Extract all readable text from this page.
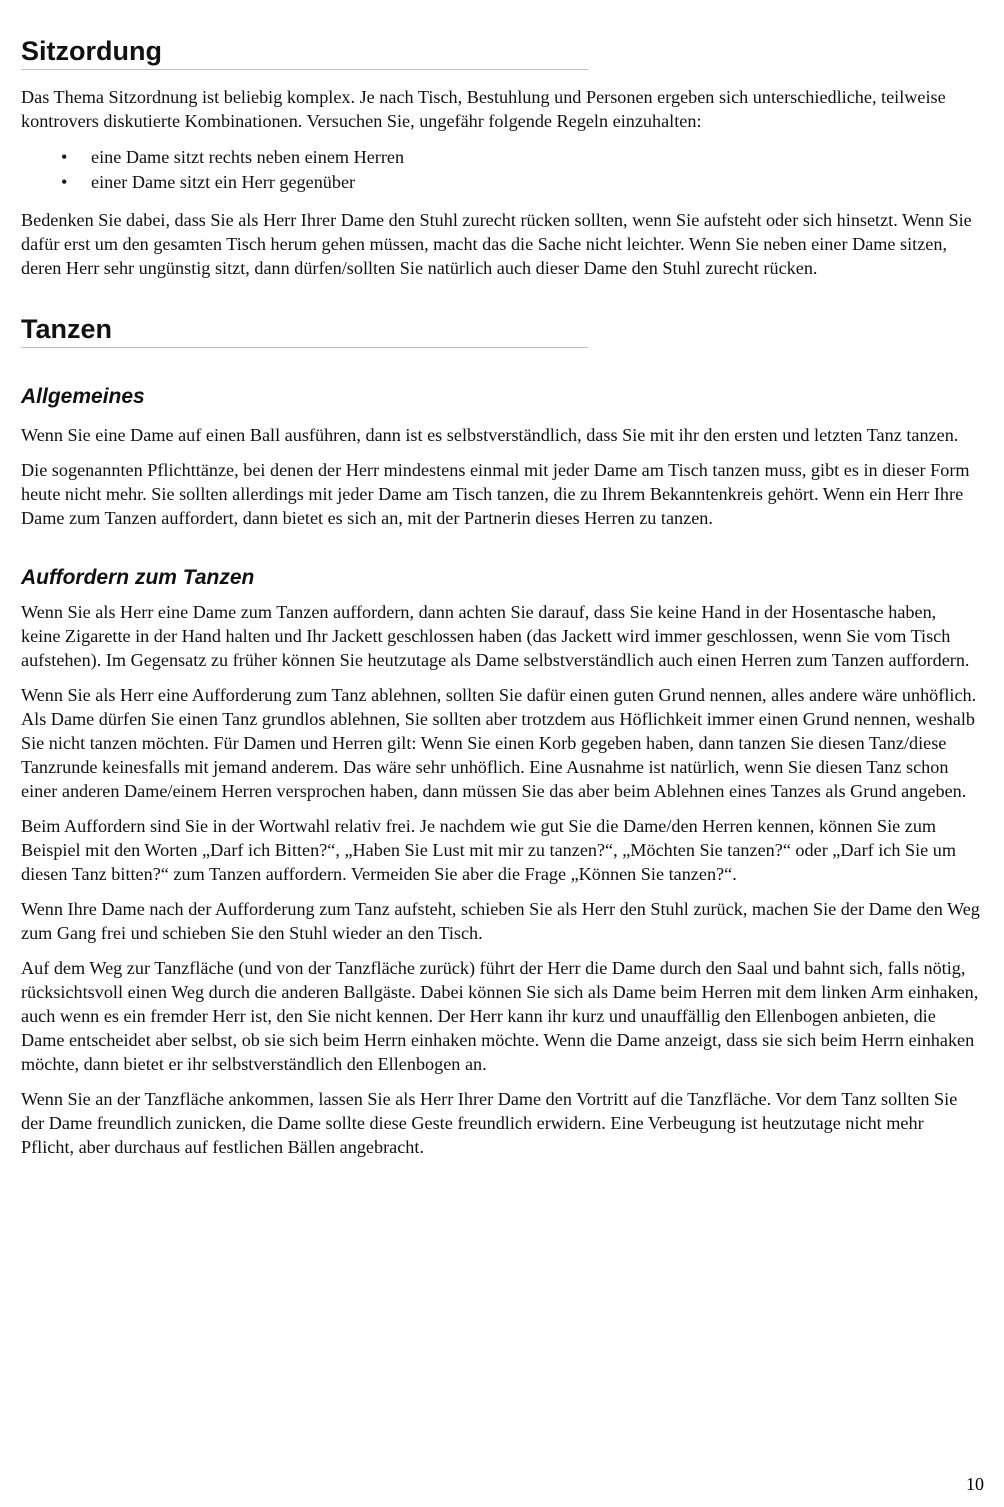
Sitzordung

Das Thema Sitzordnung ist beliebig komplex. Je nach Tisch, Bestuhlung und Personen ergeben sich unterschiedliche, teilweise kontrovers diskutierte Kombinationen. Versuchen Sie, ungefähr folgende Regeln einzuhalten:

• eine Dame sitzt rechts neben einem Herren
• einer Dame sitzt ein Herr gegenüber

Bedenken Sie dabei, dass Sie als Herr Ihrer Dame den Stuhl zurecht rücken sollten, wenn Sie aufsteht oder sich hinsetzt. Wenn Sie dafür erst um den gesamten Tisch herum gehen müssen, macht das die Sache nicht leichter. Wenn Sie neben einer Dame sitzen, deren Herr sehr ungünstig sitzt, dann dürfen/sollten Sie natürlich auch dieser Dame den Stuhl zurecht rücken.

Tanzen
Allgemeines

Wenn Sie eine Dame auf einen Ball ausführen, dann ist es selbstverständlich, dass Sie mit ihr den ersten und letzten Tanz tanzen.

Die sogenannten Pflichttänze, bei denen der Herr mindestens einmal mit jeder Dame am Tisch tanzen muss, gibt es in dieser Form heute nicht mehr. Sie sollten allerdings mit jeder Dame am Tisch tanzen, die zu Ihrem Bekanntenkreis gehört. Wenn ein Herr Ihre Dame zum Tanzen auffordert, dann bietet es sich an, mit der Partnerin dieses Herren zu tanzen.

Auffordern zum Tanzen

Wenn Sie als Herr eine Dame zum Tanzen auffordern, dann achten Sie darauf, dass Sie keine Hand in der Hosentasche haben, keine Zigarette in der Hand halten und Ihr Jackett geschlossen haben (das Jackett wird immer geschlossen, wenn Sie vom Tisch aufstehen). Im Gegensatz zu früher können Sie heutzutage als Dame selbstverständlich auch einen Herren zum Tanzen auffordern.

Wenn Sie als Herr eine Aufforderung zum Tanz ablehnen, sollten Sie dafür einen guten Grund nennen, alles andere wäre unhöflich. Als Dame dürfen Sie einen Tanz grundlos ablehnen, Sie sollten aber trotzdem aus Höflichkeit immer einen Grund nennen, weshalb Sie nicht tanzen möchten. Für Damen und Herren gilt: Wenn Sie einen Korb gegeben haben, dann tanzen Sie diesen Tanz/diese Tanzrunde keinesfalls mit jemand anderem. Das wäre sehr unhöflich. Eine Ausnahme ist natürlich, wenn Sie diesen Tanz schon einer anderen Dame/einem Herren versprochen haben, dann müssen Sie das aber beim Ablehnen eines Tanzes als Grund angeben.

Beim Auffordern sind Sie in der Wortwahl relativ frei. Je nachdem wie gut Sie die Dame/den Herren kennen, können Sie zum Beispiel mit den Worten „Darf ich Bitten?“, „Haben Sie Lust mit mir zu tanzen?“, „Möchten Sie tanzen?“ oder „Darf ich Sie um diesen Tanz bitten?“ zum Tanzen auffordern. Vermeiden Sie aber die Frage „Können Sie tanzen?“.

Wenn Ihre Dame nach der Aufforderung zum Tanz aufsteht, schieben Sie als Herr den Stuhl zurück, machen Sie der Dame den Weg zum Gang frei und schieben Sie den Stuhl wieder an den Tisch.

Auf dem Weg zur Tanzfläche (und von der Tanzfläche zurück) führt der Herr die Dame durch den Saal und bahnt sich, falls nötig, rücksichtsvoll einen Weg durch die anderen Ballgäste. Dabei können Sie sich als Dame beim Herren mit dem linken Arm einhaken, auch wenn es ein fremder Herr ist, den Sie nicht kennen. Der Herr kann ihr kurz und unauffällig den Ellenbogen anbieten, die Dame entscheidet aber selbst, ob sie sich beim Herrn einhaken möchte. Wenn die Dame anzeigt, dass sie sich beim Herrn einhaken möchte, dann bietet er ihr selbstverständlich den Ellenbogen an.

Wenn Sie an der Tanzfläche ankommen, lassen Sie als Herr Ihrer Dame den Vortritt auf die Tanzfläche. Vor dem Tanz sollten Sie der Dame freundlich zunicken, die Dame sollte diese Geste freundlich erwidern. Eine Verbeugung ist heutzutage nicht mehr Pflicht, aber durchaus auf festlichen Bällen angebracht.

10
